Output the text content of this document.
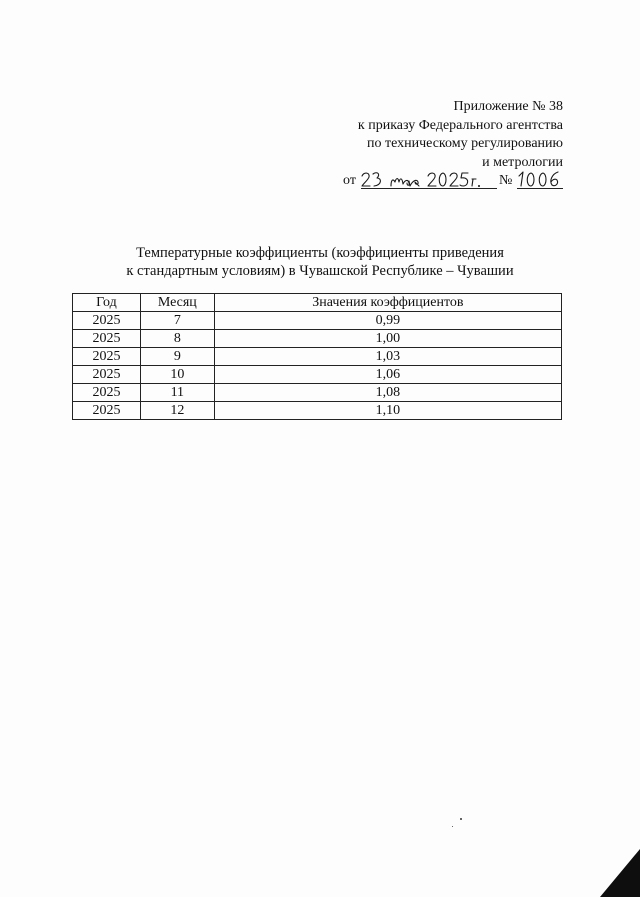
Приложение № 38
к приказу Федерального агентства
по техническому регулированию
и метрологии
от	№
Температурные коэффициенты (коэффициенты приведения
к стандартным условиям) в Чувашской Республике – Чувашии
Год	Месяц	Значения коэффициентов
2025	7	0,99
2025	8	1,00
2025	9	1,03
2025	10	1,06
2025	11	1,08
2025	12	1,10
